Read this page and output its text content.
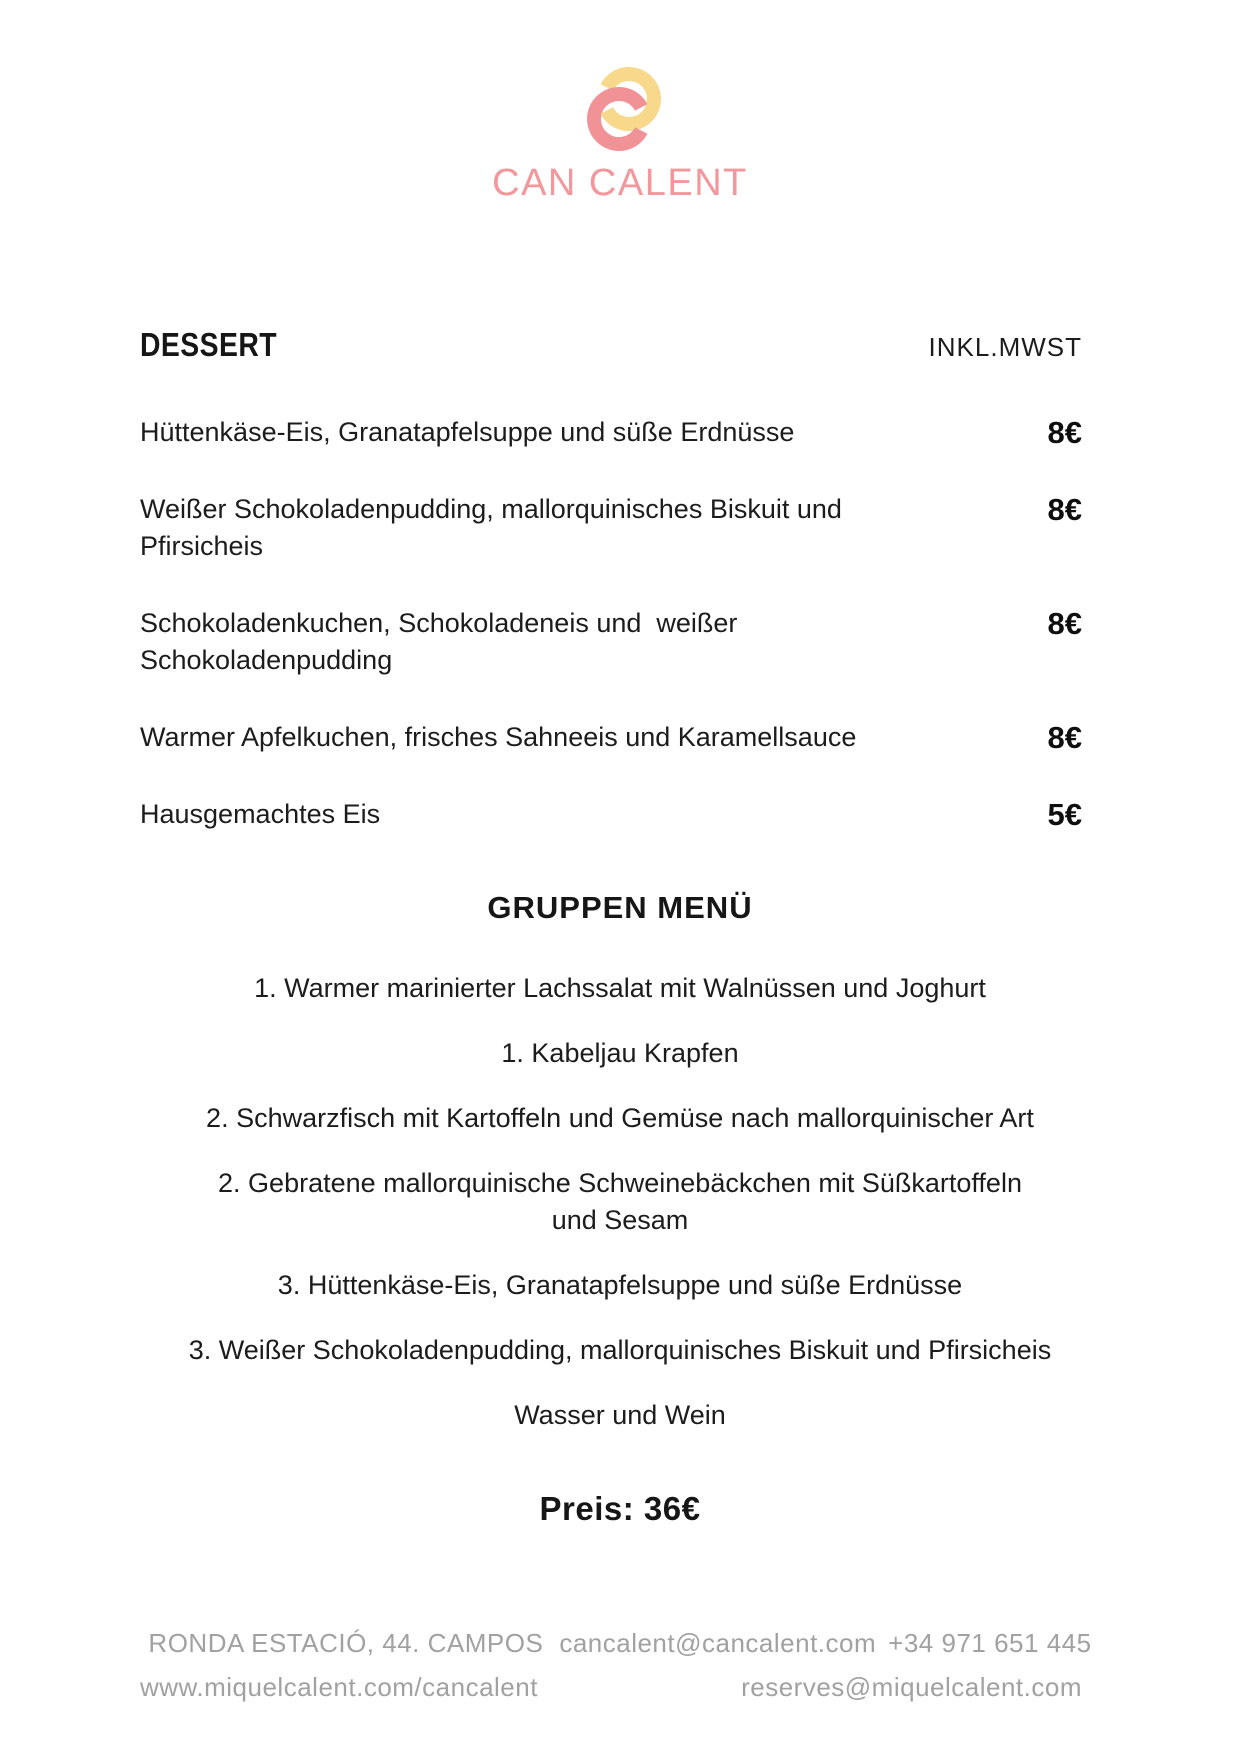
CAN CALENT
DESSERT	INKL.MWST
Hüttenkäse-Eis, Granatapfelsuppe und süße Erdnüsse	8€
Weißer Schokoladenpudding, mallorquinisches Biskuit und
Pfirsicheis
8€
Schokoladenkuchen, Schokoladeneis und  weißer
Schokoladenpudding
8€
Warmer Apfelkuchen, frisches Sahneeis und Karamellsauce	8€
Hausgemachtes Eis	5€
GRUPPEN MENÜ
1. Warmer marinierter Lachssalat mit Walnüssen und Joghurt
1. Kabeljau Krapfen
2. Schwarzfisch mit Kartoffeln und Gemüse nach mallorquinischer Art
2. Gebratene mallorquinische Schweinebäckchen mit Süßkartoffeln
und Sesam
3. Hüttenkäse-Eis, Granatapfelsuppe und süße Erdnüsse
3. Weißer Schokoladenpudding, mallorquinisches Biskuit und Pfirsicheis
Wasser und Wein
Preis: 36€
RONDA ESTACIÓ, 44. CAMPOS cancalent@cancalent.com +34 971 651 445
www.miquelcalent.com/cancalent	reserves@miquelcalent.com
